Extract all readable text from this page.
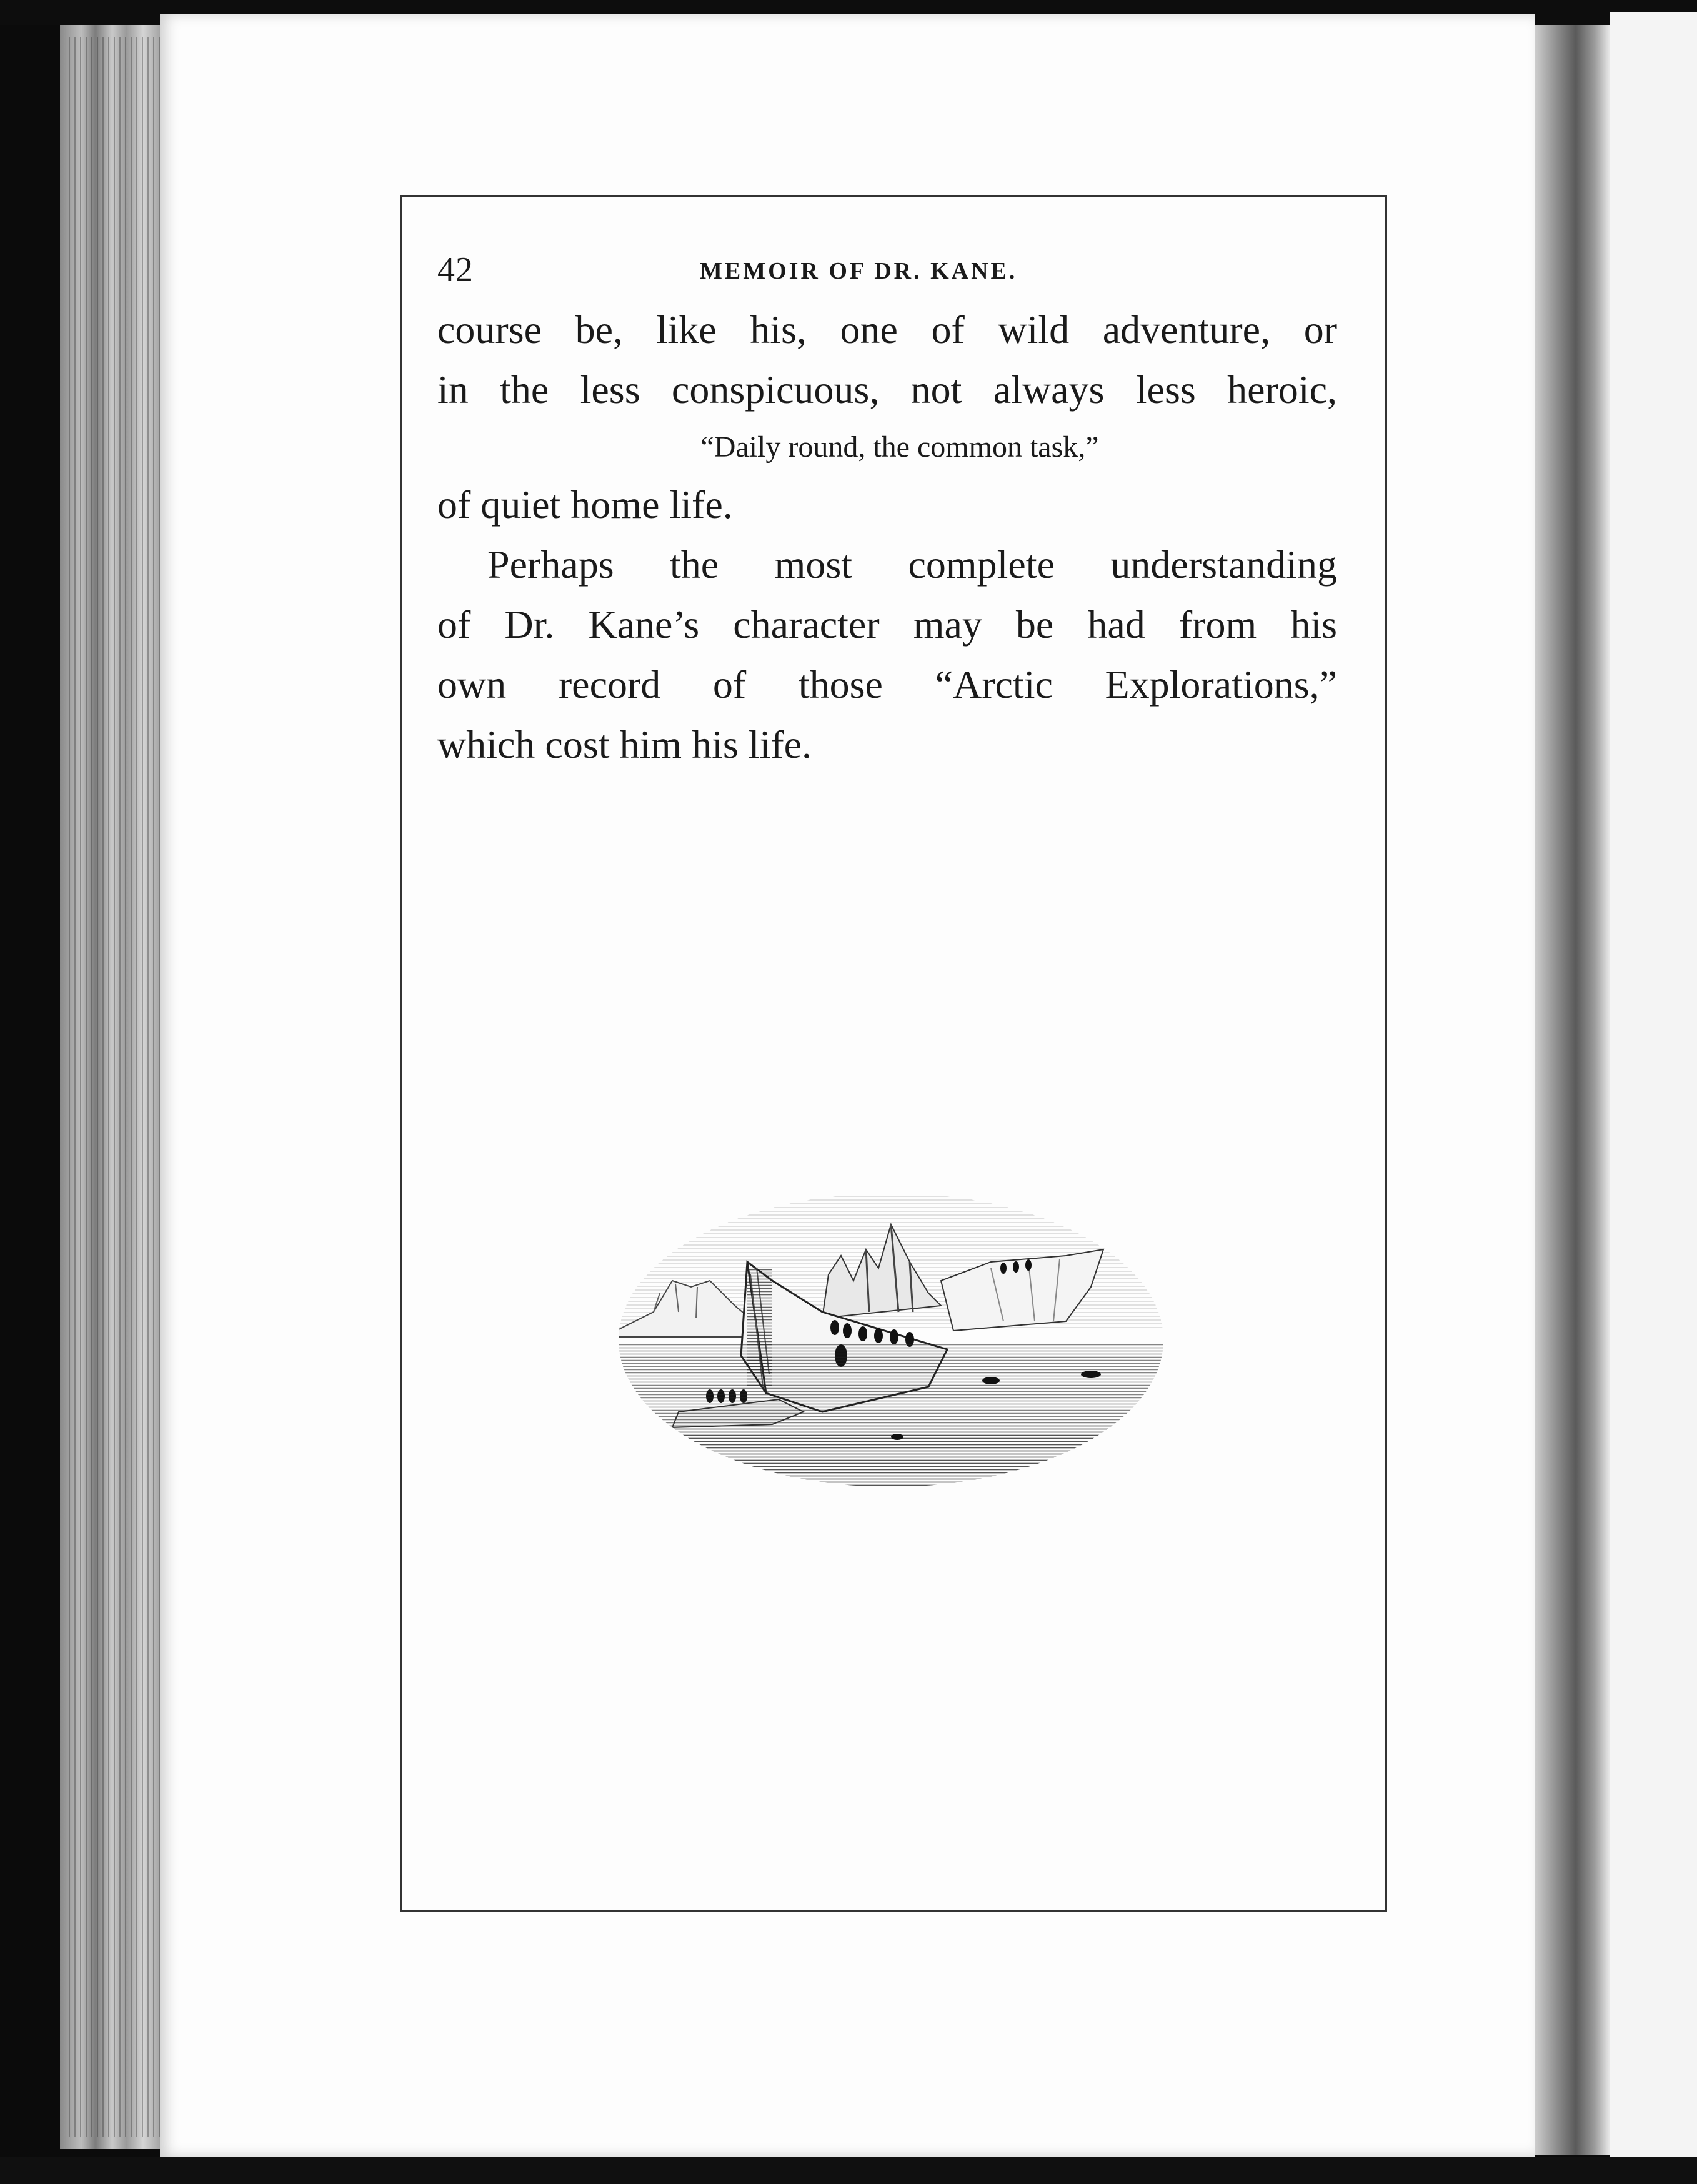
42	MEMOIR OF DR. KANE.
course be, like his, one of wild adventure, or
in the less conspicuous, not always less heroic,
“Daily round, the common task,”
of quiet home life.
Perhaps the most complete understanding
of Dr. Kane’s character may be had from his
own record of those “Arctic Explorations,”
which cost him his life.
